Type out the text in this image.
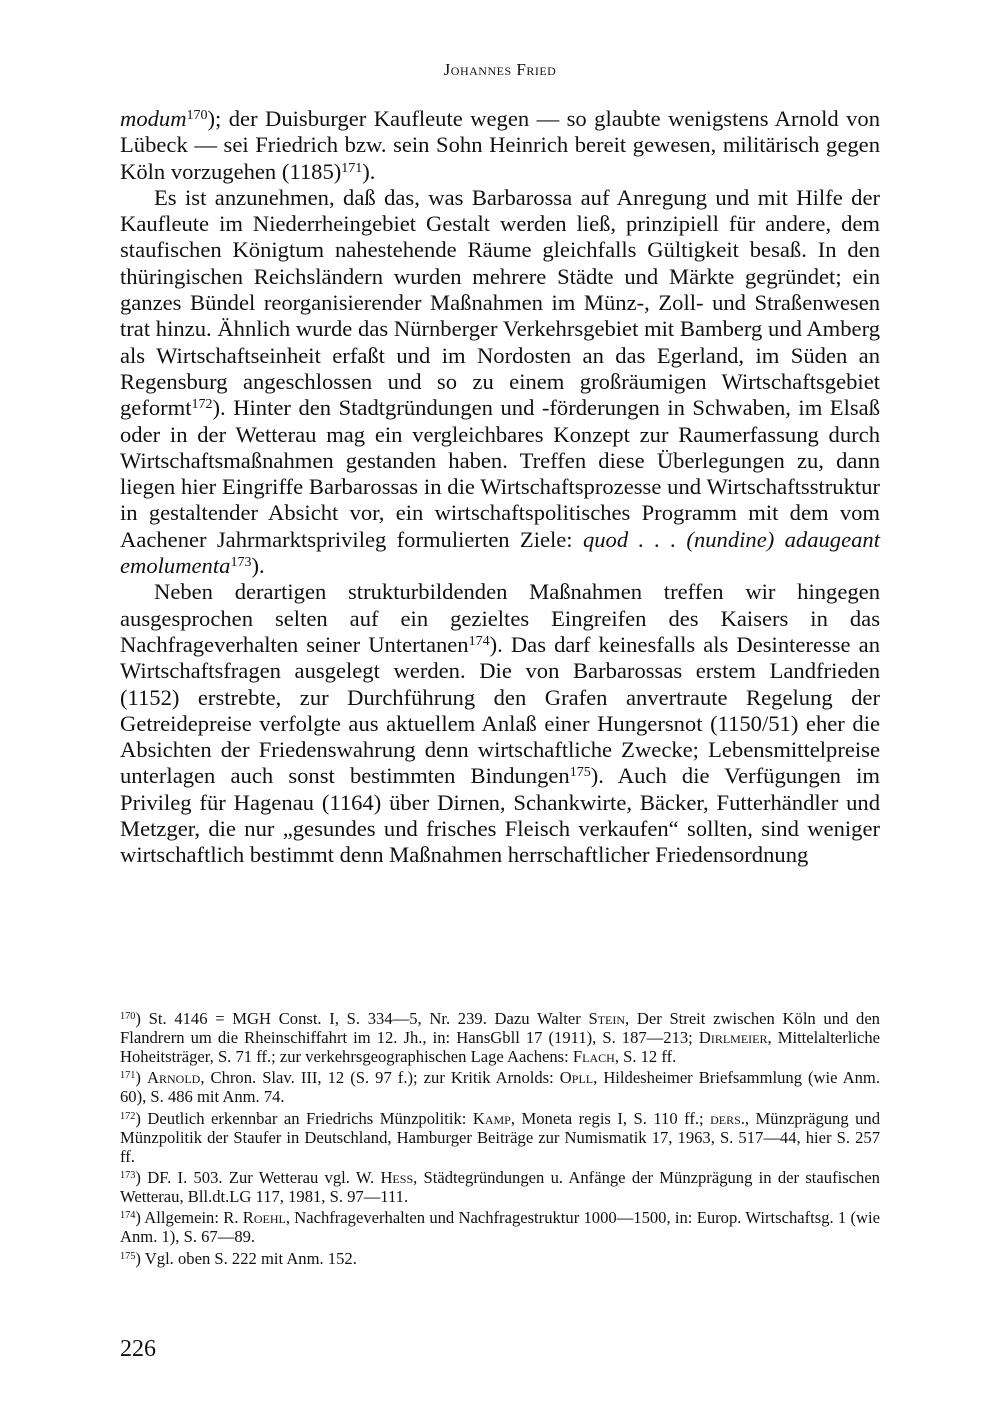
Johannes Fried

modum$^{170}$); der Duisburger Kaufleute wegen — so glaubte wenigstens Arnold von Lübeck — sei Friedrich bzw. sein Sohn Heinrich bereit gewesen, militärisch gegen Köln vorzugehen $(1185)^{171}$).

Es ist anzunehmen, daß das, was Barbarossa auf Anregung und mit Hilfe der Kaufleute im Niederrheingebiet Gestalt werden ließ, prinzipiell für andere, dem staufischen Königtum nahestehende Räume gleichfalls Gültigkeit besaß. In den thüringischen Reichsländern wurden mehrere Städte und Märkte gegründet; ein ganzes Bündel reorganisierender Maßnahmen im Münz-, Zoll- und Straßenwesen trat hinzu. Ähnlich wurde das Nürnberger Verkehrsgebiet mit Bamberg und Amberg als Wirtschaftseinheit erfaßt und im Nordosten an das Egerland, im Süden an Regensburg angeschlossen und so zu einem großräumigen Wirtschaftsgebiet geformt$^{172}$). Hinter den Stadtgründungen und -förderungen in Schwaben, im Elsaß oder in der Wetterau mag ein vergleichbares Konzept zur Raumerfassung durch Wirtschaftsmaßnahmen gestanden haben. Treffen diese Überlegungen zu, dann liegen hier Eingriffe Barbarossas in die Wirtschaftsprozesse und Wirtschaftsstruktur in gestaltender Absicht vor, ein wirtschaftspolitisches Programm mit dem vom Aachener Jahrmarktsprivileg formulierten Ziele: quod . . . (nundine) adaugeant emolumenta$^{173}$).

Neben derartigen strukturbildenden Maßnahmen treffen wir hingegen ausgesprochen selten auf ein gezieltes Eingreifen des Kaisers in das Nachfrageverhalten seiner Untertanen$^{174}$). Das darf keinesfalls als Desinteresse an Wirtschaftsfragen ausgelegt werden. Die von Barbarossas erstem Landfrieden (1152) erstrebte, zur Durchführung den Grafen anvertraute Regelung der Getreidepreise verfolgte aus aktuellem Anlaß einer Hungersnot (1150/51) eher die Absichten der Friedenswahrung denn wirtschaftliche Zwecke; Lebensmittelpreise unterlagen auch sonst bestimmten Bindungen$^{175}$). Auch die Verfügungen im Privileg für Hagenau (1164) über Dirnen, Schankwirte, Bäcker, Futterhändler und Metzger, die nur „gesundes und frisches Fleisch verkaufen“ sollten, sind weniger wirtschaftlich bestimmt denn Maßnahmen herrschaftlicher Friedensordnung

$^{170}$) St. 4146 = MGH Const. I, S. 334—5, Nr. 239. Dazu Walter Stein, Der Streit zwischen Köln und den Flandrern um die Rheinschiffahrt im 12. Jh., in: HansGbll 17 (1911), S. 187—213; Dirlmeier, Mittelalterliche Hoheitsträger, S. 71 ff.; zur verkehrsgeographischen Lage Aachens: Flach, S. 12 ff.
$^{171}$) Arnold, Chron. Slav. III, 12 (S. 97 f.); zur Kritik Arnolds: Opll, Hildesheimer Briefsammlung (wie Anm. 60), S. 486 mit Anm. 74.
$^{172}$) Deutlich erkennbar an Friedrichs Münzpolitik: Kamp, Moneta regis I, S. 110 ff.; ders., Münzprägung und Münzpolitik der Staufer in Deutschland, Hamburger Beiträge zur Numismatik 17, 1963, S. 517—44, hier S. 257 ff.
$^{173}$) DF. I. 503. Zur Wetterau vgl. W. Hess, Städtegründungen u. Anfänge der Münzprägung in der staufischen Wetterau, Bll.dt.LG 117, 1981, S. 97—111.
$^{174}$) Allgemein: R. Roehl, Nachfrageverhalten und Nachfragestruktur 1000—1500, in: Europ. Wirtschaftsg. 1 (wie Anm. 1), S. 67—89.
$^{175}$) Vgl. oben S. 222 mit Anm. 152.
226
